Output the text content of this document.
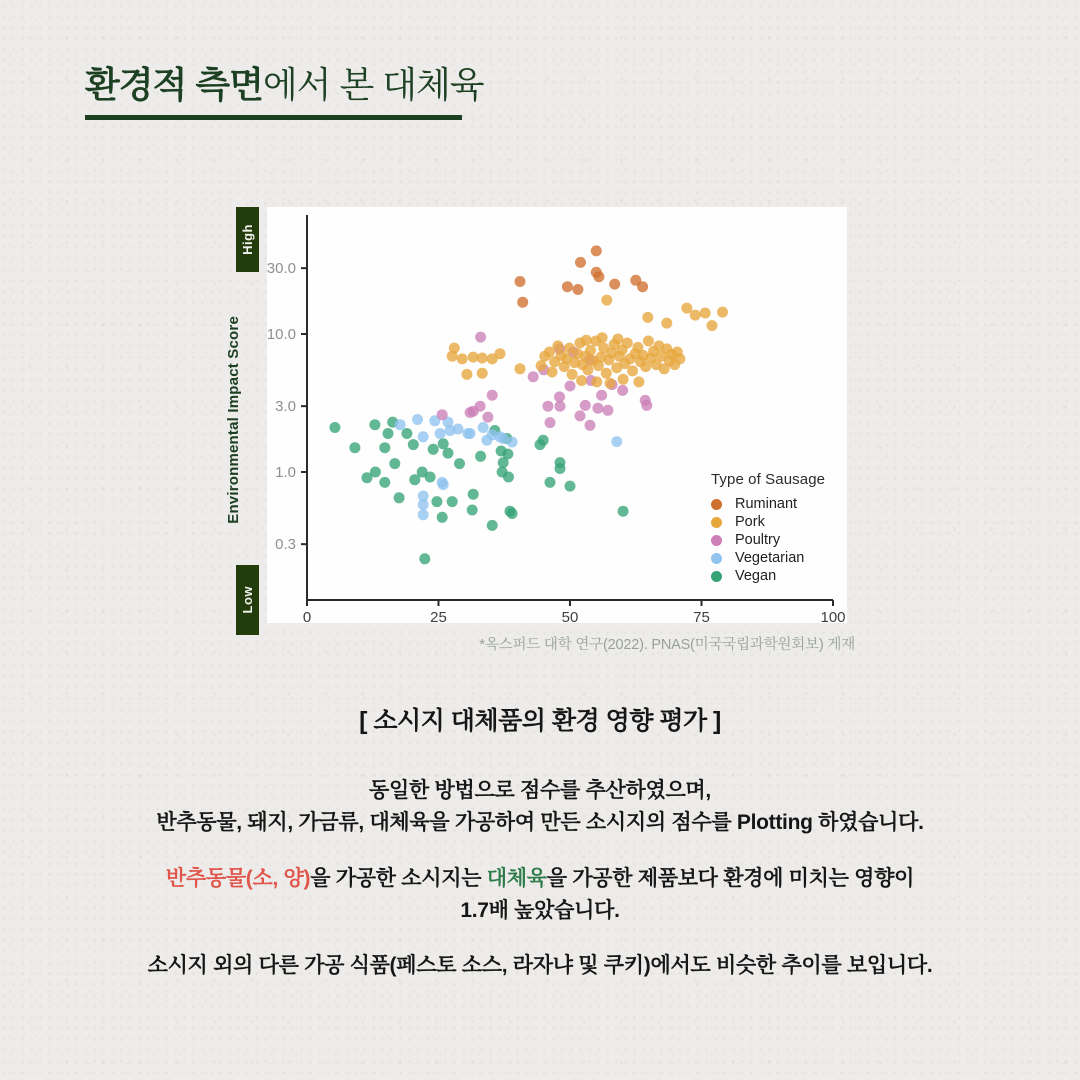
환경적 측면에서 본 대체육
High
Low
Environmental Impact Score
30.0
10.0
3.0
1.0
0.3
0	25	50	75	100
Type of Sausage
Ruminant
Pork
Poultry
Vegetarian
Vegan
*옥스퍼드 대학 연구(2022). PNAS(미국국립과학원회보) 게재
[ 소시지 대체품의 환경 영향 평가 ]
동일한 방법으로 점수를 추산하였으며,
반추동물, 돼지, 가금류, 대체육을 가공하여 만든 소시지의 점수를 Plotting 하였습니다.
반추동물(소, 양)을 가공한 소시지는 대체육을 가공한 제품보다 환경에 미치는 영향이
1.7배 높았습니다.
소시지 외의 다른 가공 식품(페스토 소스, 라자냐 및 쿠키)에서도 비슷한 추이를 보입니다.
